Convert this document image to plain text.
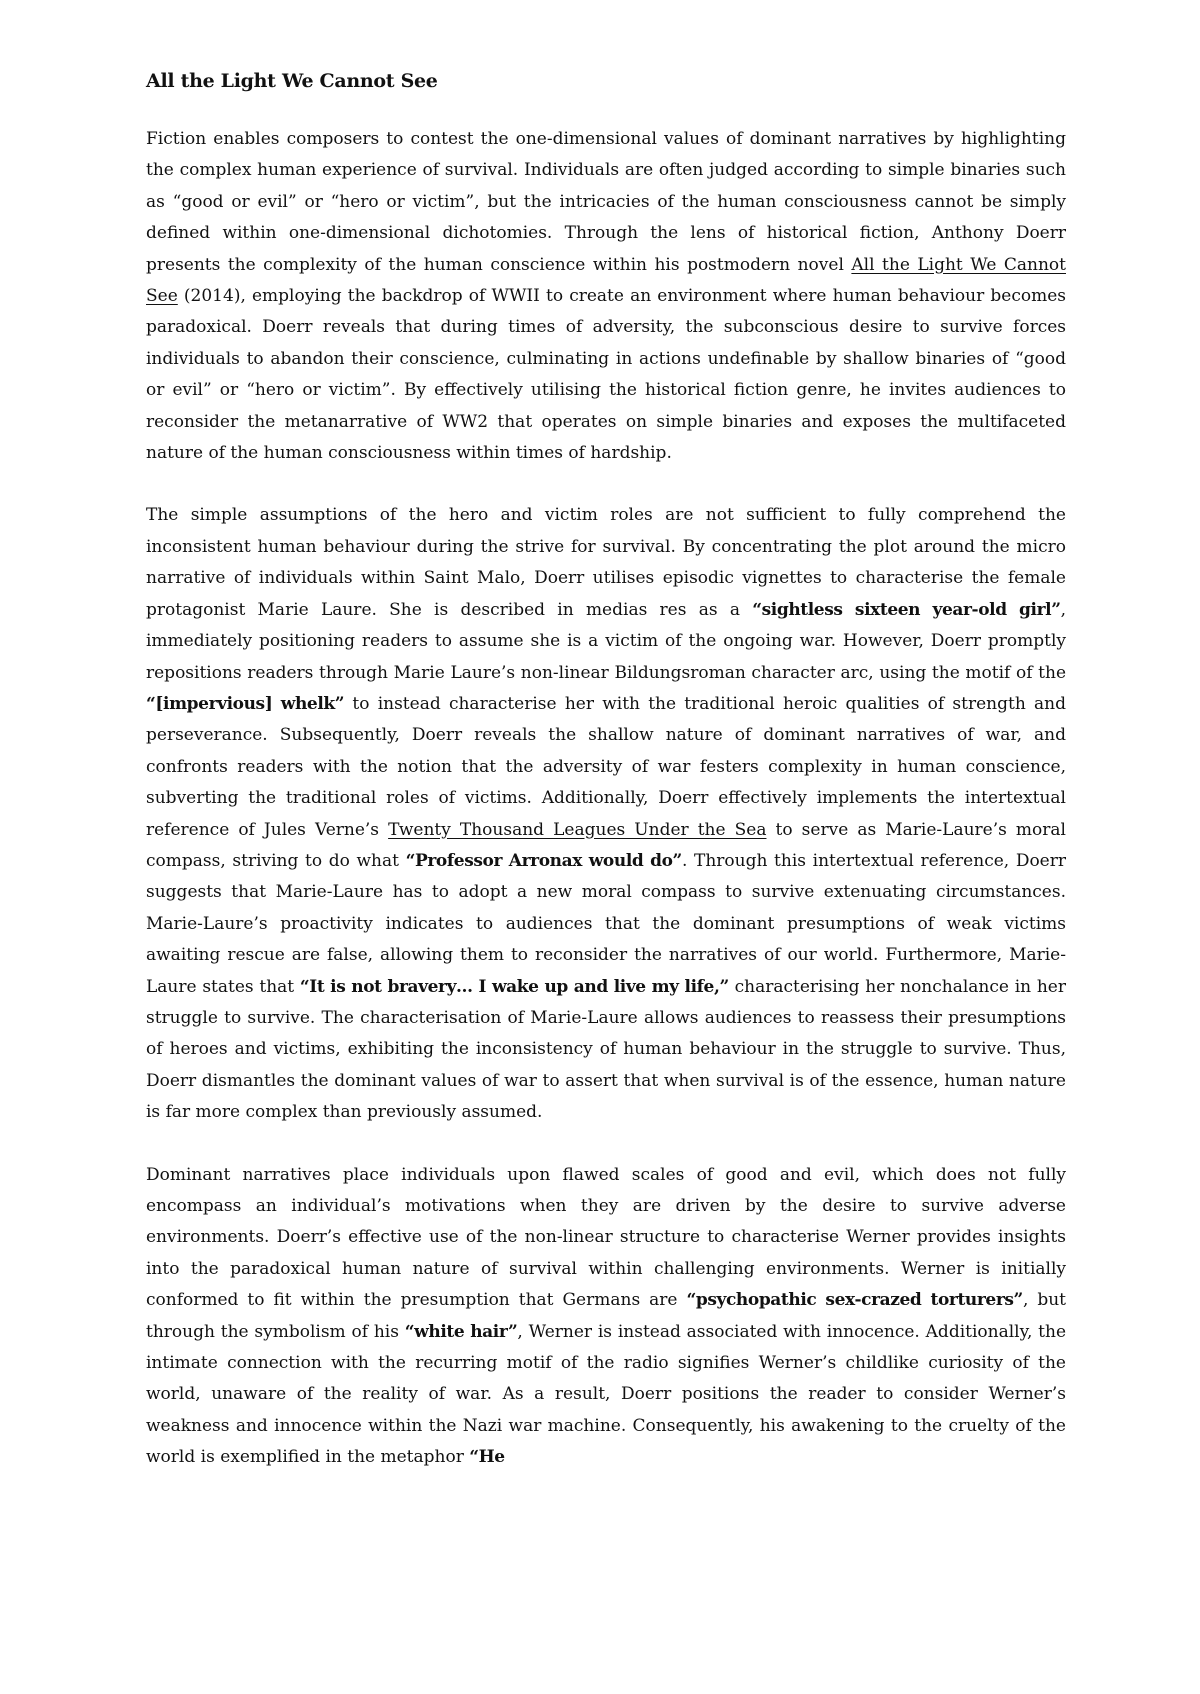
All the Light We Cannot See

Fiction enables composers to contest the one-dimensional values of dominant narratives by highlighting the complex human experience of survival. Individuals are often judged according to simple binaries such as “good or evil” or “hero or victim”, but the intricacies of the human consciousness cannot be simply defined within one-dimensional dichotomies. Through the lens of historical fiction, Anthony Doerr presents the complexity of the human conscience within his postmodern novel All the Light We Cannot See (2014), employing the backdrop of WWII to create an environment where human behaviour becomes paradoxical. Doerr reveals that during times of adversity, the subconscious desire to survive forces individuals to abandon their conscience, culminating in actions undefinable by shallow binaries of “good or evil” or “hero or victim”. By effectively utilising the historical fiction genre, he invites audiences to reconsider the metanarrative of WW2 that operates on simple binaries and exposes the multifaceted nature of the human consciousness within times of hardship.

The simple assumptions of the hero and victim roles are not sufficient to fully comprehend the inconsistent human behaviour during the strive for survival. By concentrating the plot around the micro narrative of individuals within Saint Malo, Doerr utilises episodic vignettes to characterise the female protagonist Marie Laure. She is described in medias res as a “sightless sixteen year-old girl”, immediately positioning readers to assume she is a victim of the ongoing war. However, Doerr promptly repositions readers through Marie Laure’s non-linear Bildungsroman character arc, using the motif of the “[impervious] whelk” to instead characterise her with the traditional heroic qualities of strength and perseverance. Subsequently, Doerr reveals the shallow nature of dominant narratives of war, and confronts readers with the notion that the adversity of war festers complexity in human conscience, subverting the traditional roles of victims. Additionally, Doerr effectively implements the intertextual reference of Jules Verne’s Twenty Thousand Leagues Under the Sea to serve as Marie-Laure’s moral compass, striving to do what “Professor Arronax would do”. Through this intertextual reference, Doerr suggests that Marie-Laure has to adopt a new moral compass to survive extenuating circumstances. Marie-Laure’s proactivity indicates to audiences that the dominant presumptions of weak victims awaiting rescue are false, allowing them to reconsider the narratives of our world. Furthermore, Marie-Laure states that “It is not bravery… I wake up and live my life,” characterising her nonchalance in her struggle to survive. The characterisation of Marie-Laure allows audiences to reassess their presumptions of heroes and victims, exhibiting the inconsistency of human behaviour in the struggle to survive. Thus, Doerr dismantles the dominant values of war to assert that when survival is of the essence, human nature is far more complex than previously assumed.

Dominant narratives place individuals upon flawed scales of good and evil, which does not fully encompass an individual’s motivations when they are driven by the desire to survive adverse environments. Doerr’s effective use of the non-linear structure to characterise Werner provides insights into the paradoxical human nature of survival within challenging environments. Werner is initially conformed to fit within the presumption that Germans are “psychopathic sex-crazed torturers”, but through the symbolism of his “white hair”, Werner is instead associated with innocence. Additionally, the intimate connection with the recurring motif of the radio signifies Werner’s childlike curiosity of the world, unaware of the reality of war. As a result, Doerr positions the reader to consider Werner’s weakness and innocence within the Nazi war machine. Consequently, his awakening to the cruelty of the world is exemplified in the metaphor “He
